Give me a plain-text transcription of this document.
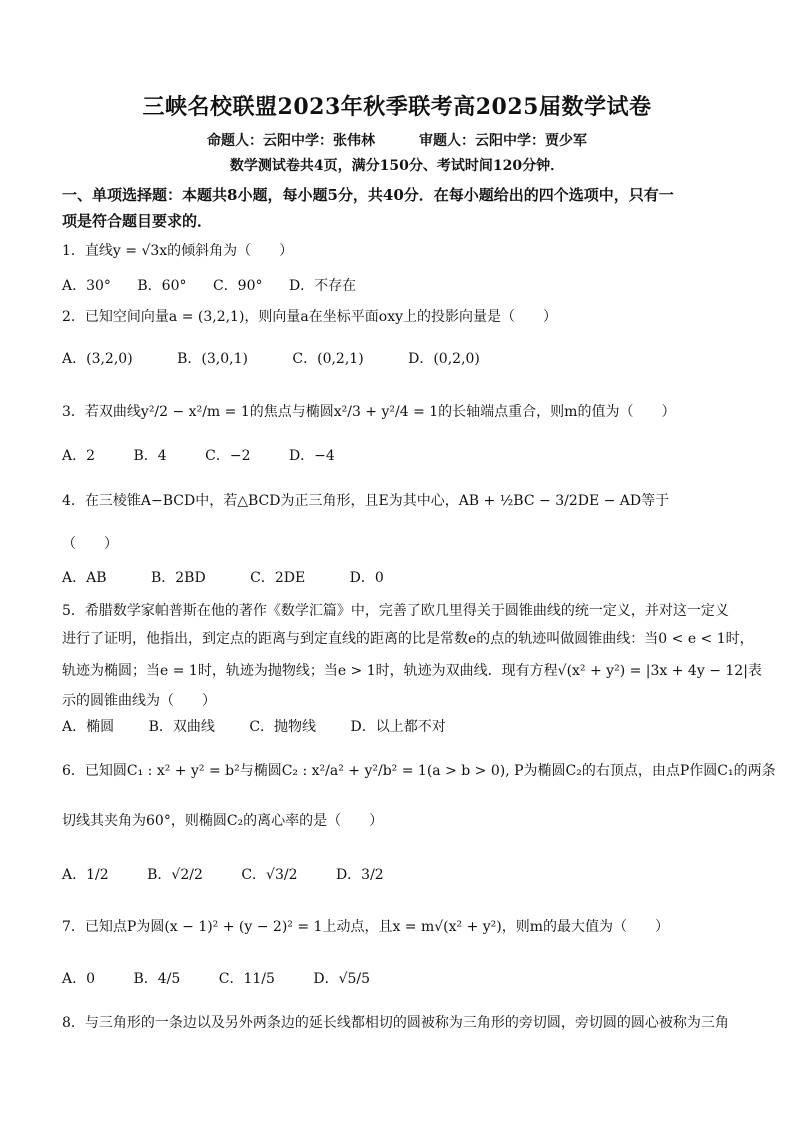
三峡名校联盟2023年秋季联考高2025届数学试卷
命题人：云阳中学：张伟林	审题人：云阳中学：贾少军
数学测试卷共4页，满分150分、考试时间120分钟．
一、单项选择题：本题共8小题，每小题5分，共40分．在每小题给出的四个选项中，只有一
项是符合题目要求的．
1．直线y = √3x的倾斜角为（　　）
A．30° B．60° C．90° D．不存在
2．已知空间向量a = (3,2,1)，则向量a在坐标平面oxy上的投影向量是（　　）
A．(3,2,0)	B．(3,0,1)	C．(0,2,1)	D．(0,2,0)
3．若双曲线y²/2 − x²/m = 1的焦点与椭圆x²/3 + y²/4 = 1的长轴端点重合，则m的值为（　　）
A．2	B．4	C．−2	D．−4
4．在三棱锥A−BCD中，若△BCD为正三角形，且E为其中心，AB + ½BC − 3/2DE − AD等于
（　　）
A．AB	B．2BD	C．2DE	D．0
5．希腊数学家帕普斯在他的著作《数学汇篇》中，完善了欧几里得关于圆锥曲线的统一定义，并对这一定义
进行了证明，他指出，到定点的距离与到定直线的距离的比是常数e的点的轨迹叫做圆锥曲线：当0 < e < 1时，
轨迹为椭圆；当e = 1时，轨迹为抛物线；当e > 1时，轨迹为双曲线．现有方程√(x² + y²) = |3x + 4y − 12|表
示的圆锥曲线为（　　）
A．椭圆 B．双曲线 C．抛物线 D．以上都不对
6．已知圆C₁ : x² + y² = b²与椭圆C₂ : x²/a² + y²/b² = 1(a > b > 0), P为椭圆C₂的右顶点，由点P作圆C₁的两条
切线其夹角为60°，则椭圆C₂的离心率的是（　　）
A．1/2	B．√2/2	C．√3/2	D．3/2
7．已知点P为圆(x − 1)² + (y − 2)² = 1上动点，且x = m√(x² + y²)，则m的最大值为（　　）
A．0	B．4/5	C．11/5	D．√5/5
8．与三角形的一条边以及另外两条边的延长线都相切的圆被称为三角形的旁切圆，旁切圆的圆心被称为三角
